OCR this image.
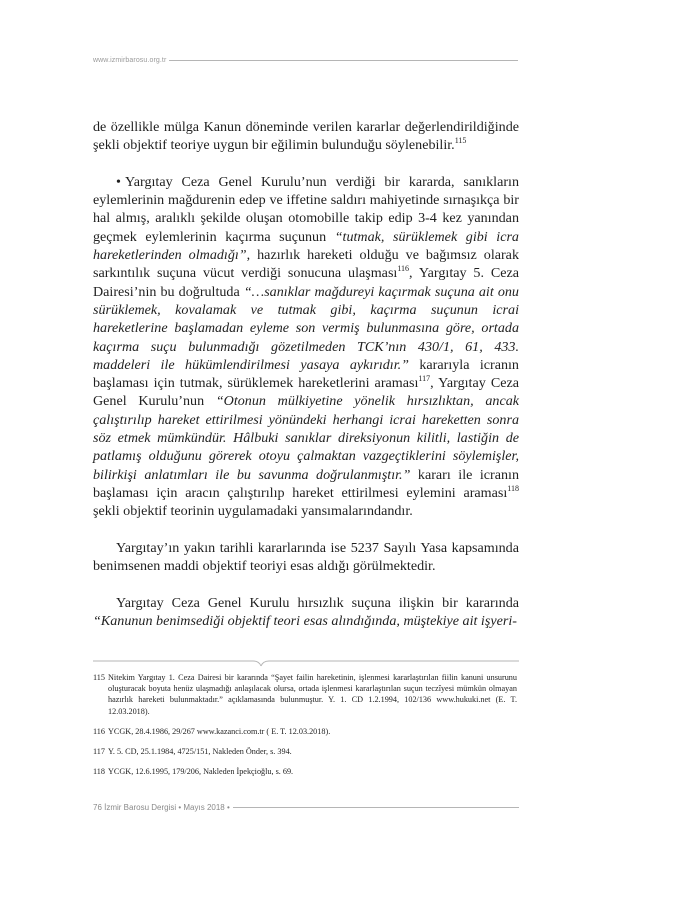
www.izmirbarosu.org.tr

de özellikle mülga Kanun döneminde verilen kararlar değerlendirildiğinde şekli objektif teoriye uygun bir eğilimin bulunduğu söylenebilir.$^{115}$

• Yargıtay Ceza Genel Kurulu’nun verdiği bir kararda, sanıkların eylemlerinin mağdurenin edep ve iffetine saldırı mahiyetinde sırnaşıkça bir hal almış, aralıklı şekilde oluşan otomobille takip edip 3-4 kez yanından geçmek eylemlerinin kaçırma suçunun “tutmak, sürüklemek gibi icra hareketlerinden olmadığı”, hazırlık hareketi olduğu ve bağımsız olarak sarkıntılık suçuna vücut verdiği sonucuna ulaşması$^{116}$, Yargıtay 5. Ceza Dairesi’nin bu doğrultuda “…sanıklar mağdureyi kaçırmak suçuna ait onu sürüklemek, kovalamak ve tutmak gibi, kaçırma suçunun icrai hareketlerine başlamadan eyleme son vermiş bulunmasına göre, ortada kaçırma suçu bulunmadığı gözetilmeden TCK’nın 430/1, 61, 433. maddeleri ile hükümlendirilmesi yasaya aykırıdır.” kararıyla icranın başlaması için tutmak, sürüklemek hareketlerini araması$^{117}$, Yargıtay Ceza Genel Kurulu’nun “Otonun mülkiyetine yönelik hırsızlıktan, ancak çalıştırılıp hareket ettirilmesi yönündeki herhangi icrai hareketten sonra söz etmek mümkündür. Hâlbuki sanıklar direksiyonun kilitli, lastiğin de patlamış olduğunu görerek otoyu çalmaktan vazgeçtiklerini söylemişler, bilirkişi anlatımları ile bu savunma doğrulanmıştır.” kararı ile icranın başlaması için aracın çalıştırılıp hareket ettirilmesi eylemini araması$^{118}$ şekli objektif teorinin uygulamadaki yansımalarındandır.

Yargıtay’ın yakın tarihli kararlarında ise 5237 Sayılı Yasa kapsamında benimsenen maddi objektif teoriyi esas aldığı görülmektedir.

Yargıtay Ceza Genel Kurulu hırsızlık suçuna ilişkin bir kararında “Kanunun benimsediği objektif teori esas alındığında, müştekiye ait işyeri-

115 Nitekim Yargıtay 1. Ceza Dairesi bir kararında “Şayet failin hareketinin, işlenmesi kararlaştırılan fiilin kanuni unsurunu oluşturacak boyuta henüz ulaşmadığı anlaşılacak olursa, ortada işlenmesi kararlaştırılan suçun teczîyesi mümkün olmayan hazırlık hareketi bulunmaktadır.” açıklamasında bulunmuştur. Y. 1. CD 1.2.1994, 102/136 www.hukuki.net (E. T. 12.03.2018).
116 YCGK, 28.4.1986, 29/267 www.kazanci.com.tr ( E. T. 12.03.2018).
117 Y. 5. CD, 25.1.1984, 4725/151, Nakleden Önder, s. 394.
118 YCGK, 12.6.1995, 179/206, Nakleden İpekçioğlu, s. 69.
76 İzmir Barosu Dergisi • Mayıs 2018 •
